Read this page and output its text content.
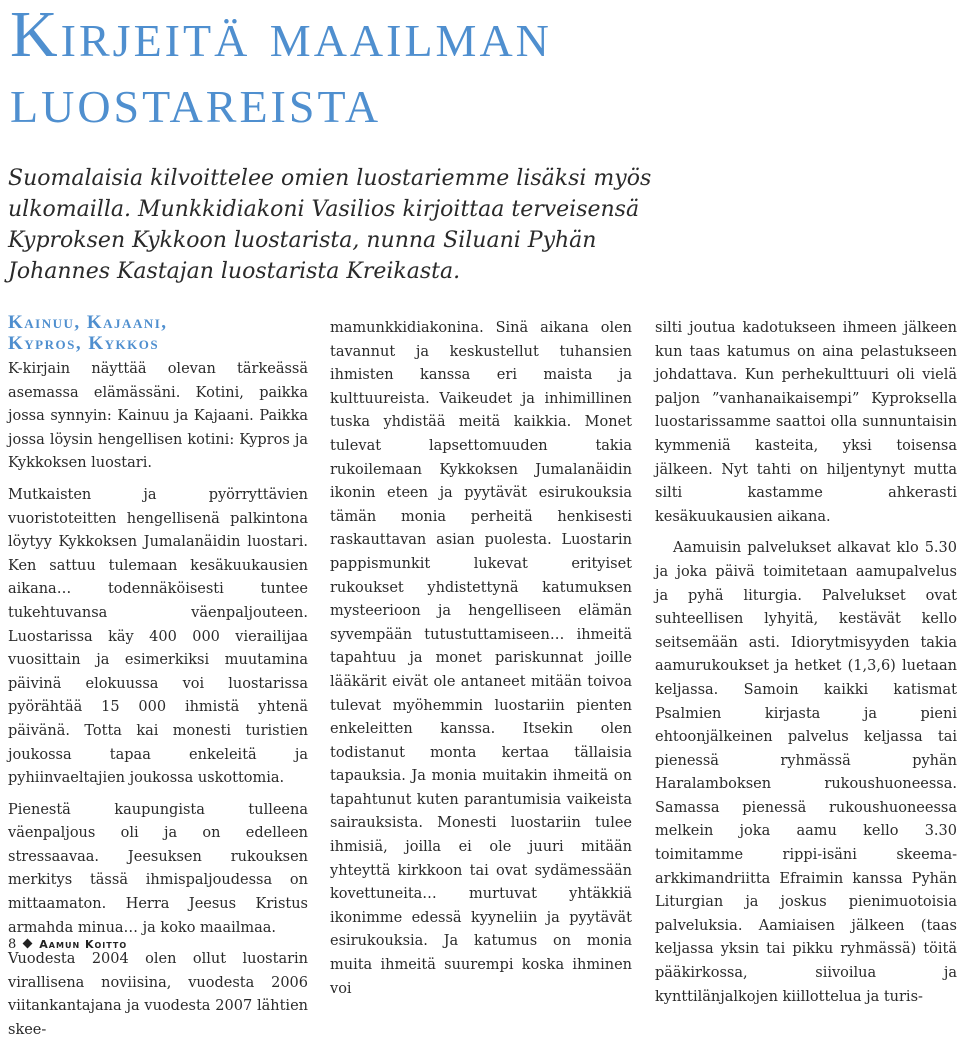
Kirjeitä maailman
luostareista

Suomalaisia kilvoittelee omien luostariemme lisäksi myös ulkomailla. Munkkidiakoni Vasilios kirjoittaa terveisensä Kyproksen Kykkoon luostarista, nunna Siluani Pyhän Johannes Kastajan luostarista Kreikasta.

Kainuu, Kajaani,
Kypros, Kykkos

K-kirjain näyttää olevan tärkeässä asemassa elämässäni. Kotini, paikka jossa synnyin: Kainuu ja Kajaani. Paikka jossa löysin hengellisen kotini: Kypros ja Kykkoksen luostari.

Mutkaisten ja pyörryttävien vuoristoteitten hengellisenä palkintona löytyy Kykkoksen Jumalanäidin luostari. Ken sattuu tulemaan kesäkuukausien aikana… todennäköisesti tuntee tukehtuvansa väenpaljouteen. Luostarissa käy 400 000 vierailijaa vuosittain ja esimerkiksi muutamina päivinä elokuussa voi luostarissa pyörähtää 15 000 ihmistä yhtenä päivänä. Totta kai monesti turistien joukossa tapaa enkeleitä ja pyhiinvaeltajien joukossa uskottomia.

Pienestä kaupungista tulleena väenpaljous oli ja on edelleen stressaavaa. Jeesuksen rukouksen merkitys tässä ihmispaljoudessa on mittaamaton. Herra Jeesus Kristus armahda minua… ja koko maailmaa.

Vuodesta 2004 olen ollut luostarin virallisena noviisina, vuodesta 2006 viitankantajana ja vuodesta 2007 lähtien skee-

mamunkkidiakonina. Sinä aikana olen tavannut ja keskustellut tuhansien ihmisten kanssa eri maista ja kulttuureista. Vaikeudet ja inhimillinen tuska yhdistää meitä kaikkia. Monet tulevat lapsettomuuden takia rukoilemaan Kykkoksen Jumalanäidin ikonin eteen ja pyytävät esirukouksia tämän monia perheitä henkisesti raskauttavan asian puolesta. Luostarin pappismunkit lukevat erityiset rukoukset yhdistettynä katumuksen mysteerioon ja hengelliseen elämän syvempään tutustuttamiseen… ihmeitä tapahtuu ja monet pariskunnat joille lääkärit eivät ole antaneet mitään toivoa tulevat myöhemmin luostariin pienten enkeleitten kanssa. Itsekin olen todistanut monta kertaa tällaisia tapauksia. Ja monia muitakin ihmeitä on tapahtunut kuten parantumisia vaikeista sairauksista. Monesti luostariin tulee ihmisiä, joilla ei ole juuri mitään yhteyttä kirkkoon tai ovat sydämessään kovettuneita… murtuvat yhtäkkiä ikonimme edessä kyyneliin ja pyytävät esirukouksia. Ja katumus on monia muita ihmeitä suurempi koska ihminen voi

silti joutua kadotukseen ihmeen jälkeen kun taas katumus on aina pelastukseen johdattava. Kun perhekulttuuri oli vielä paljon ”vanhanaikaisempi” Kyproksella luostarissamme saattoi olla sunnuntaisin kymmeniä kasteita, yksi toisensa jälkeen. Nyt tahti on hiljentynyt mutta silti kastamme ahkerasti kesäkuukausien aikana.

Aamuisin palvelukset alkavat klo 5.30 ja joka päivä toimitetaan aamupalvelus ja pyhä liturgia. Palvelukset ovat suhteellisen lyhyitä, kestävät kello seitsemään asti. Idiorytmisyyden takia aamurukoukset ja hetket (1,3,6) luetaan keljassa. Samoin kaikki katismat Psalmien kirjasta ja pieni ehtoonjälkeinen palvelus keljassa tai pienessä ryhmässä pyhän Haralamboksen rukoushuoneessa. Samassa pienessä rukoushuoneessa melkein joka aamu kello 3.30 toimitamme rippi-isäni skeema-arkkimandriitta Efraimin kanssa Pyhän Liturgian ja joskus pienimuotoisia palveluksia. Aamiaisen jälkeen (taas keljassa yksin tai pikku ryhmässä) töitä pääkirkossa, siivoilua ja kynttilänjalkojen kiillottelua ja turis-

8 Aamun Koitto
